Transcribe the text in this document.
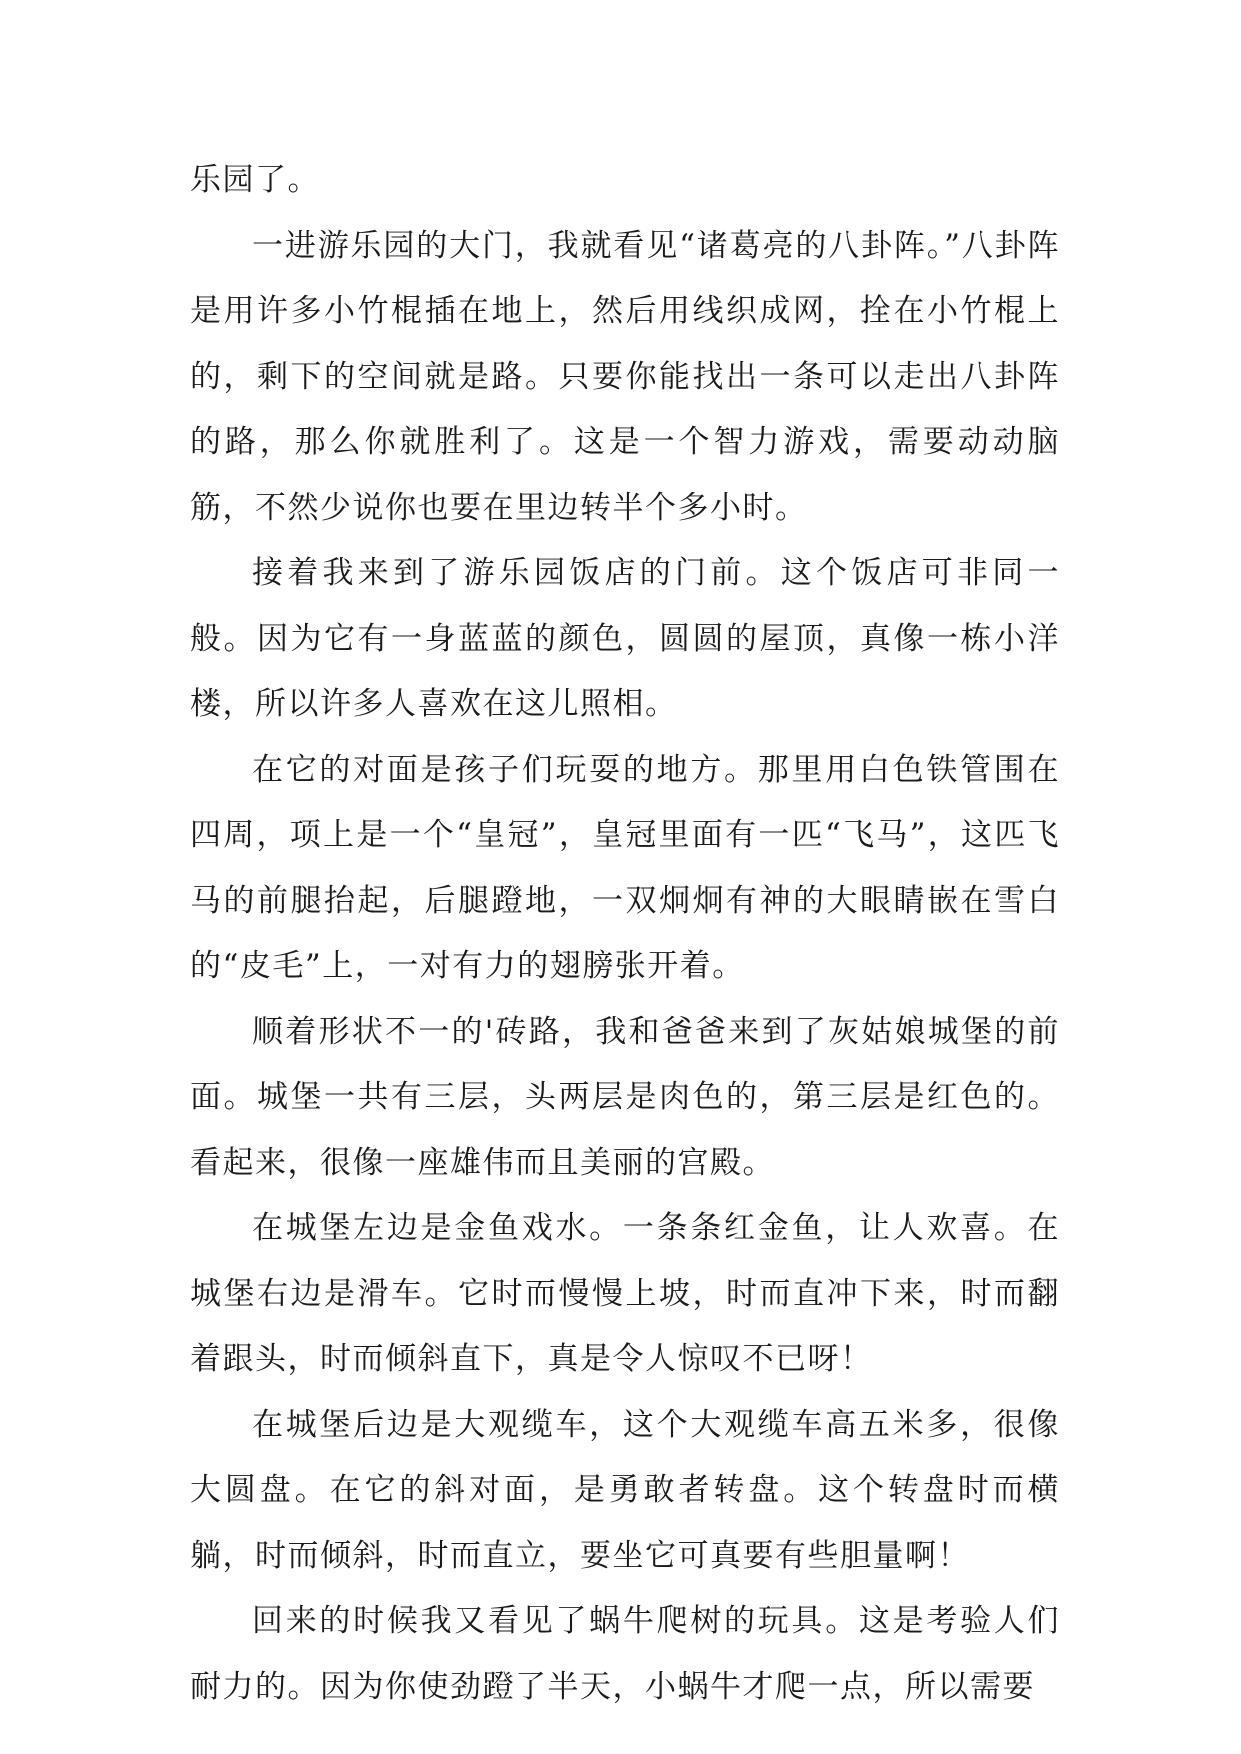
乐园了。

一进游乐园的大门，我就看见“诸葛亮的八卦阵。”八卦阵是用许多小竹棍插在地上，然后用线织成网，拴在小竹棍上的，剩下的空间就是路。只要你能找出一条可以走出八卦阵的路，那么你就胜利了。这是一个智力游戏，需要动动脑筋，不然少说你也要在里边转半个多小时。

接着我来到了游乐园饭店的门前。这个饭店可非同一般。因为它有一身蓝蓝的颜色，圆圆的屋顶，真像一栋小洋楼，所以许多人喜欢在这儿照相。

在它的对面是孩子们玩耍的地方。那里用白色铁管围在四周，项上是一个“皇冠”，皇冠里面有一匹“飞马”，这匹飞马的前腿抬起，后腿蹬地，一双炯炯有神的大眼睛嵌在雪白的“皮毛”上，一对有力的翅膀张开着。

顺着形状不一的'砖路，我和爸爸来到了灰姑娘城堡的前面。城堡一共有三层，头两层是肉色的，第三层是红色的。看起来，很像一座雄伟而且美丽的宫殿。

在城堡左边是金鱼戏水。一条条红金鱼，让人欢喜。在城堡右边是滑车。它时而慢慢上坡，时而直冲下来，时而翻着跟头，时而倾斜直下，真是令人惊叹不已呀！

在城堡后边是大观缆车，这个大观缆车高五米多，很像大圆盘。在它的斜对面，是勇敢者转盘。这个转盘时而横躺，时而倾斜，时而直立，要坐它可真要有些胆量啊！

回来的时候我又看见了蜗牛爬树的玩具。这是考验人们耐力的。因为你使劲蹬了半天，小蜗牛才爬一点，所以需要
